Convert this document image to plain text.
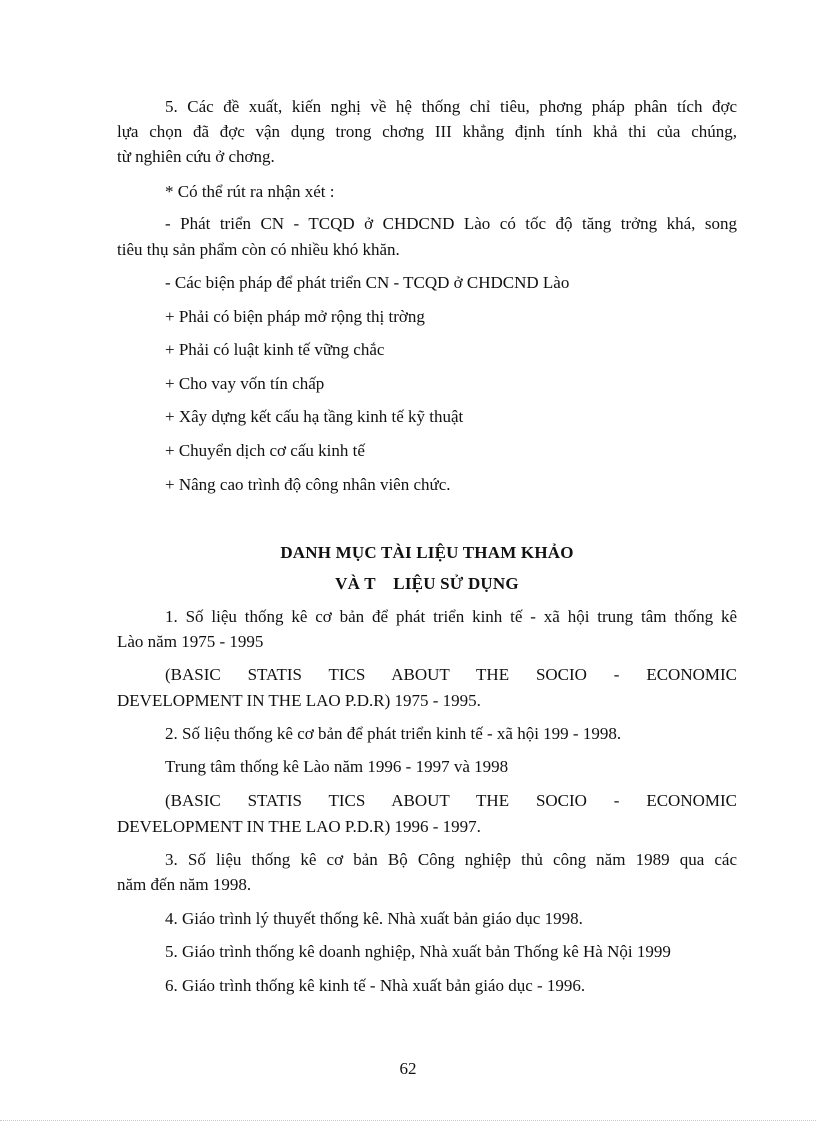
5. Các đề xuất, kiến nghị về hệ thống chỉ tiêu, phơng pháp phân tích đợc
lựa chọn đã đợc vận dụng trong chơng III khẳng định tính khả thi của chúng,
từ nghiên cứu ở chơng.
* Có thể rút ra nhận xét :
- Phát triển CN - TCQD ở CHDCND Lào có tốc độ tăng trởng khá, song
tiêu thụ sản phẩm còn có nhiều khó khăn.
- Các biện pháp để phát triển CN - TCQD ở CHDCND Lào
+ Phải có biện pháp mở rộng thị trờng
+ Phải có luật kinh tế vững chắc
+ Cho vay vốn tín chấp
+ Xây dựng kết cấu hạ tầng kinh tế kỹ thuật
+ Chuyển dịch cơ cấu kinh tế
+ Nâng cao trình độ công nhân viên chức.
DANH MỤC TÀI LIỆU THAM KHẢO
VÀ T    LIỆU SỬ DỤNG
1. Số liệu thống kê cơ bản để phát triển kinh tế - xã hội trung tâm thống kê
Lào năm 1975 - 1995
(BASIC STATIS TICS ABOUT THE SOCIO - ECONOMIC
DEVELOPMENT IN THE LAO P.D.R) 1975 - 1995.
2. Số liệu thống kê cơ bản để phát triển kinh tế - xã hội 199 - 1998.
Trung tâm thống kê Lào năm 1996 - 1997 và 1998
(BASIC STATIS TICS ABOUT THE SOCIO - ECONOMIC
DEVELOPMENT IN THE LAO P.D.R) 1996 - 1997.
3. Số liệu thống kê cơ bản Bộ Công nghiệp thủ công năm 1989 qua các
năm đến năm 1998.
4. Giáo trình lý thuyết thống kê. Nhà xuất bản giáo dục 1998.
5. Giáo trình thống kê doanh nghiệp, Nhà xuất bản Thống kê Hà Nội 1999
6. Giáo trình thống kê kinh tế - Nhà xuất bản giáo dục - 1996.
62
